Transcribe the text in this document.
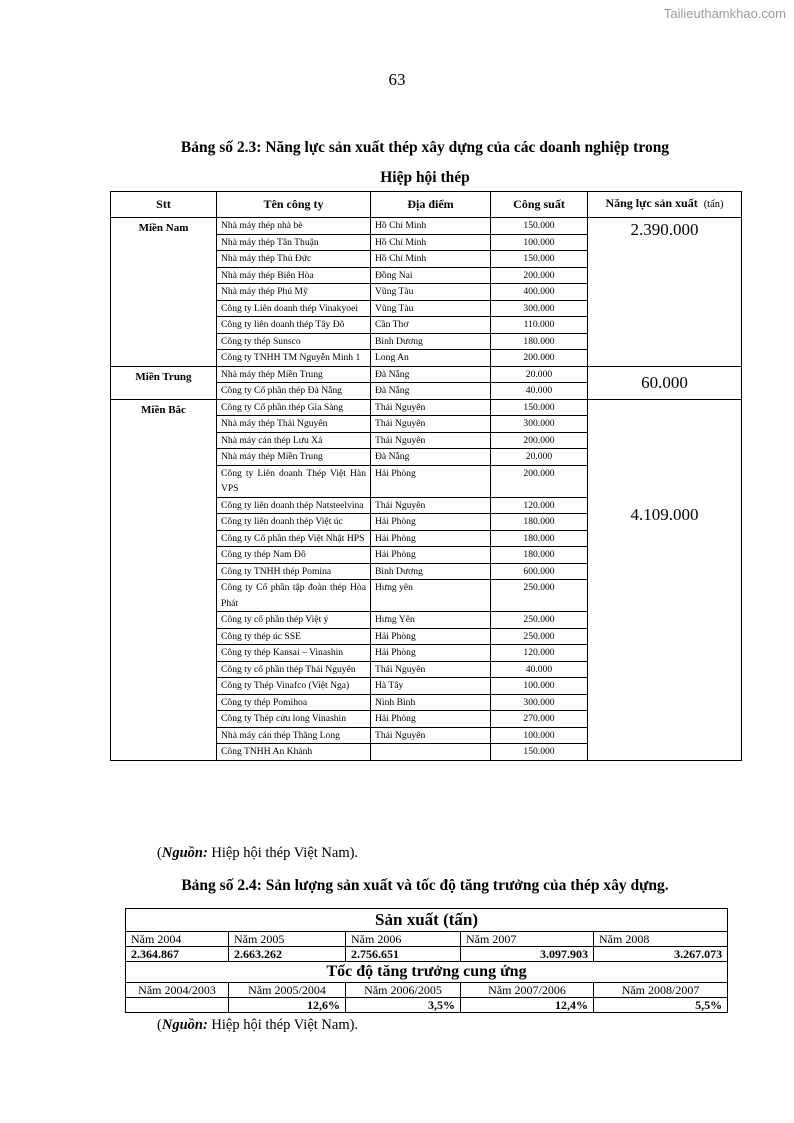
Tailieuthamkhao.com
63
Bảng số 2.3: Năng lực sản xuất thép xây dựng của các doanh nghiệp trong
Hiệp hội thép
Stt	Tên công ty	Địa điểm	Công suất	Năng lực sản xuất (tấn)
Miền Nam	Nhà máy thép nhà bè	Hồ Chí Minh	150.000	2.390.000
	Nhà máy thép Tân Thuận	Hồ Chí Minh	100.000	
	Nhà máy thép Thủ Đức	Hồ Chí Minh	150.000	
	Nhà máy thép Biên Hòa	Đồng Nai	200.000	
	Nhà máy thép Phú Mỹ	Vũng Tàu	400.000	
	Công ty Liên doanh thép Vinakyoei	Vũng Tàu	300.000	
	Công ty liên doanh thép Tây Đô	Cần Thơ	110.000	
	Công ty thép Sunsco	Bình Dương	180.000	
	Công ty TNHH TM Nguyễn Minh 1	Long An	200.000	
Miền Trung	Nhà máy thép Miền Trung	Đà Nẵng	20.000	60.000
	Công ty Cổ phần thép Đà Nẵng	Đà Nẵng	40.000	
Miền Bắc	Công ty Cổ phần thép Gia Sàng	Thái Nguyên	150.000	4.109.000
	Nhà máy thép Thái Nguyên	Thái Nguyên	300.000	
	Nhà máy cán thép Lưu Xá	Thái Nguyên	200.000	
	Nhà máy thép Miền Trung	Đà Nẵng	20.000	
	Công ty Liên doanh Thép Việt Hàn VPS	Hải Phòng	200.000	
	Công ty liên doanh thép Natsteelvina	Thái Nguyên	120.000	
	Công ty liên doanh thép Việt úc	Hải Phòng	180.000	
	Công ty Cổ phần thép Việt Nhật HPS	Hải Phòng	180.000	
	Công ty thép Nam Đô	Hải Phòng	180.000	
	Công ty TNHH thép Pomina	Bình Dương	600.000	
	Công ty Cổ phần tập đoàn thép Hòa Phát	Hưng yên	250.000	
	Công ty cổ phần thép Việt ý	Hưng Yên	250.000	
	Công ty thép úc SSE	Hải Phòng	250.000	
	Công ty thép Kansai – Vinashin	Hải Phòng	120.000	
	Công ty cổ phần thép Thái Nguyên	Thái Nguyên	40.000	
	Công ty Thép Vinafco (Việt Nga)	Hà Tây	100.000	
	Công ty thép Pomihoa	Ninh Bình	300.000	
	Công ty Thép cửu long Vinashin	Hải Phòng	270.000	
	Nhà máy cán thép Thăng Long	Thái Nguyên	100.000	
	Công TNHH An Khánh		150.000	
(Nguồn: Hiệp hội thép Việt Nam).
Bảng số 2.4: Sản lượng sản xuất và tốc độ tăng trưởng của thép xây dựng.
Sản xuất (tấn)				
Năm 2004	Năm 2005	Năm 2006	Năm 2007	Năm 2008
2.364.867	2.663.262	2.756.651	3.097.903	3.267.073
Tốc độ tăng trưởng cung ứng				
Năm 2004/2003	Năm 2005/2004	Năm 2006/2005	Năm 2007/2006	Năm 2008/2007
	12,6%	3,5%	12,4%	5,5%
(Nguồn: Hiệp hội thép Việt Nam).
